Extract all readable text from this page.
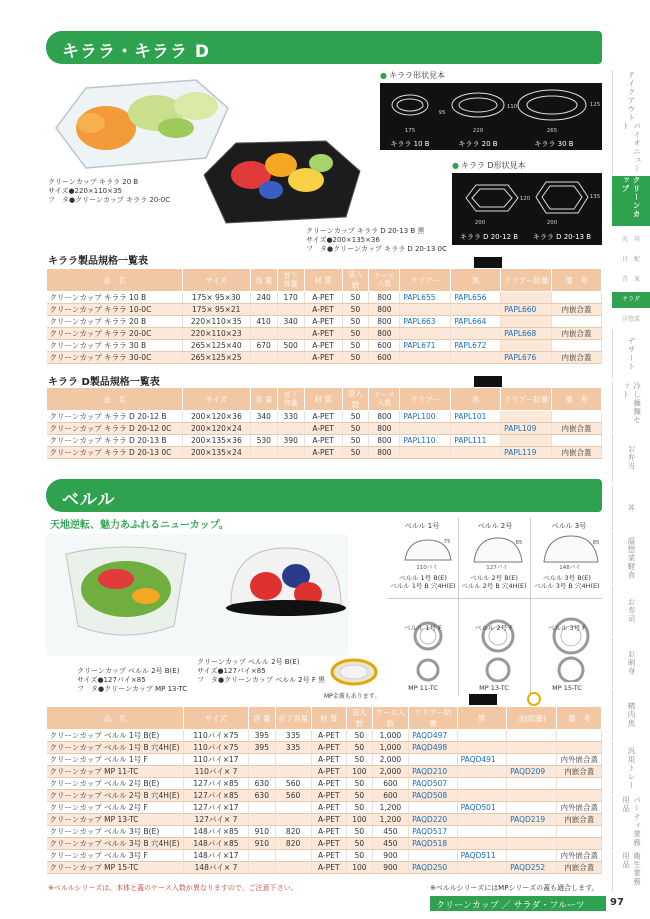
キララ・キララ D
クリーンカップ キララ 20 B
サイズ●220×110×35
フ　タ●クリーンカップ キララ 20-0C
クリーンカップ キララ D 20-13 B 黒
サイズ●200×135×36
フ　タ●クリーンカップ キララ D 20-13 0C
● キララ形状見本
175
95
220
110
265
125
キララ 10 B	キララ 20 B	キララ 30 B
● キララ D形状見本
200
120
200
135
キララ D 20-12 B	キララ D 20-13 B
キララ製品規格一覧表
品　名	サイズ	容 量	首下
容量	材 質	袋入数	ケース
入数	クリアー	黒	クリアー防曇	備　考
クリーンカップ キララ 10 B	175× 95×30	240	170	A-PET	50	800	PAPL655	PAPL656		
クリーンカップ キララ 10-0C	175× 95×21			A-PET	50	800			PAPL660	内嵌合蓋
クリーンカップ キララ 20 B	220×110×35	410	340	A-PET	50	800	PAPL663	PAPL664		
クリーンカップ キララ 20-0C	220×110×23			A-PET	50	800			PAPL668	内嵌合蓋
クリーンカップ キララ 30 B	265×125×40	670	500	A-PET	50	600	PAPL671	PAPL672		
クリーンカップ キララ 30-0C	265×125×25			A-PET	50	600			PAPL676	内嵌合蓋
キララ D製品規格一覧表
品　名	サイズ	容 量	首下
容量	材 質	袋入数	ケース
入数	クリアー	黒	クリアー防曇	備　考
クリーンカップ キララ D 20-12 B	200×120×36	340	330	A-PET	50	800	PAPL100	PAPL101		
クリーンカップ キララ D 20-12 0C	200×120×24			A-PET	50	800			PAPL109	内嵌合蓋
クリーンカップ キララ D 20-13 B	200×135×36	530	390	A-PET	50	800	PAPL110	PAPL111		
クリーンカップ キララ D 20-13 0C	200×135×24			A-PET	50	800			PAPL119	内嵌合蓋
ベルル
天地逆転、魅力あふれるニューカップ。
クリーンカップ ベルル 2号 B(E)
サイズ●127パイ×85
フ　タ●クリーンカップ MP 13-TC
クリーンカップ ベルル 2号 B(E)
サイズ●127パイ×85
フ　タ●クリーンカップ ベルル 2号 F 黒
MP金蓋もあります。
ベルル 1号	ベルル 2号	ベルル 3号
110パイ
75
127パイ
85
148パイ
85
ベルル 1号 B(E)
ベルル 1号 B 穴4H(E)
ベルル 2号 B(E)
ベルル 2号 B 穴4H(E)
ベルル 3号 B(E)
ベルル 3号 B 穴4H(E)
ベルル 1号 F	ベルル 2号 F	ベルル 3号 F
MP 11-TC	MP 13-TC	MP 15-TC
品　名	サイズ	容 量	首下容量	材 質	袋入数	ケース入数	クリアー防曇	黒	金(防曇)	備　考
クリーンカップ ベルル 1号 B(E)	110パイ×75	395	335	A-PET	50	1,000	PAQD497			
クリーンカップ ベルル 1号 B 穴4H(E)	110パイ×75	395	335	A-PET	50	1,000	PAQD498			
クリーンカップ ベルル 1号 F	110パイ×17			A-PET	50	2,000		PAQD491		内外嵌合蓋
クリーンカップ MP 11-TC	110パイ× 7			A-PET	100	2,000	PAQD210		PAQD209	内嵌合蓋
クリーンカップ ベルル 2号 B(E)	127パイ×85	630	560	A-PET	50	600	PAQD507			
クリーンカップ ベルル 2号 B 穴4H(E)	127パイ×85	630	560	A-PET	50	600	PAQD508			
クリーンカップ ベルル 2号 F	127パイ×17			A-PET	50	1,200		PAQD501		内外嵌合蓋
クリーンカップ MP 13-TC	127パイ× 7			A-PET	100	1,200	PAQD220		PAQD219	内嵌合蓋
クリーンカップ ベルル 3号 B(E)	148パイ×85	910	820	A-PET	50	450	PAQD517			
クリーンカップ ベルル 3号 B 穴4H(E)	148パイ×85	910	820	A-PET	50	450	PAQD518			
クリーンカップ ベルル 3号 F	148パイ×17			A-PET	50	900		PAQD511		内外嵌合蓋
クリーンカップ MP 15-TC	148パイ× 7			A-PET	100	900	PAQD250		PAQD252	内嵌合蓋
※ベルルシリーズは、本体と蓋のケース入数が異なりますので、ご注意下さい。	※ベルルシリーズにはMPシリーズの蓋も適合します。
クリーンカップ ／ サラダ・フルーツ	97
テイクアウト
バイオニュート
クリーンカップ
汎　用
日　配
青　果
サラダ
洋惣菜
デザート
冷し麺麺セット
お弁当
丼
温惣菜軽食
お寿司
お刺身
精肉魚
汎用トレー
パーティ業務用品
衛生業務用品
